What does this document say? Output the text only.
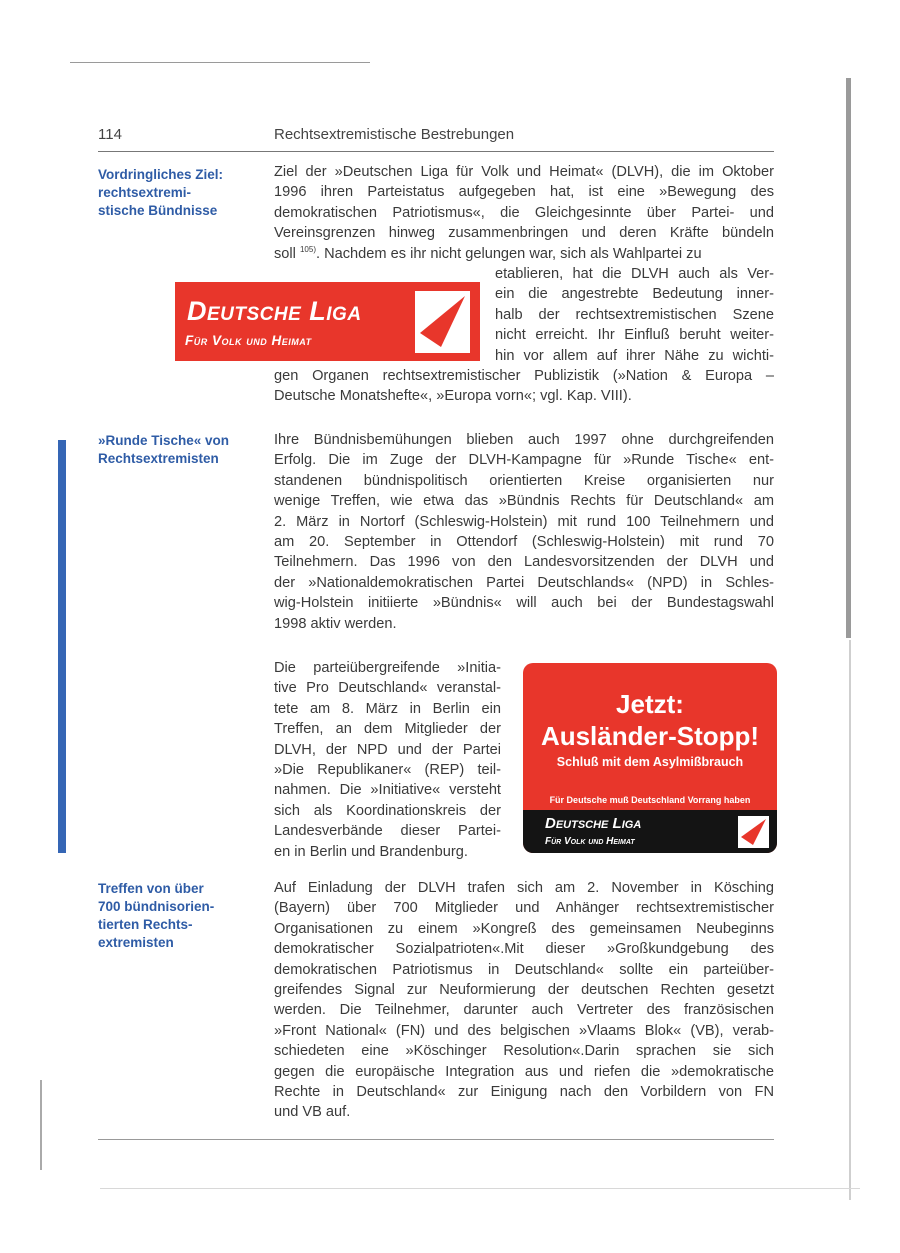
114	Rechtsextremistische Bestrebungen
Vordringliches Ziel:
rechtsextremi-
stische Bündnisse
»Runde Tische« von
Rechtsextremisten
Treffen von über
700 bündnisorien-
tierten Rechts-
extremisten
Ziel der »Deutschen Liga für Volk und Heimat« (DLVH), die im Oktober
1996 ihren Parteistatus aufgegeben hat, ist eine »Bewegung des
demokratischen Patriotismus«, die Gleichgesinnte über Partei- und
Vereinsgrenzen hinweg zusammenbringen und deren Kräfte bündeln
soll $^{105)}$. Nachdem es ihr nicht gelungen war, sich als Wahlpartei zu
etablieren, hat die DLVH auch als Ver-
ein die angestrebte Bedeutung inner-
halb der rechtsextremistischen Szene
nicht erreicht. Ihr Einfluß beruht weiter-
hin vor allem auf ihrer Nähe zu wichti-
gen Organen rechtsextremistischer Publizistik (»Nation & Europa –
Deutsche Monatshefte«, »Europa vorn«; vgl. Kap. VIII).
Deutsche Liga
Für Volk und Heimat
Ihre Bündnisbemühungen blieben auch 1997 ohne durchgreifenden
Erfolg. Die im Zuge der DLVH-Kampagne für »Runde Tische« ent-
standenen bündnispolitisch orientierten Kreise organisierten nur
wenige Treffen, wie etwa das »Bündnis Rechts für Deutschland« am
2. März in Nortorf (Schleswig-Holstein) mit rund 100 Teilnehmern und
am 20. September in Ottendorf (Schleswig-Holstein) mit rund 70
Teilnehmern. Das 1996 von den Landesvorsitzenden der DLVH und
der »Nationaldemokratischen Partei Deutschlands« (NPD) in Schles-
wig-Holstein initiierte »Bündnis« will auch bei der Bundestagswahl
1998 aktiv werden.
Die parteiübergreifende »Initia-
tive Pro Deutschland« veranstal-
tete am 8. März in Berlin ein
Treffen, an dem Mitglieder der
DLVH, der NPD und der Partei
»Die Republikaner« (REP) teil-
nahmen. Die »Initiative« versteht
sich als Koordinationskreis der
Landesverbände dieser Partei-
en in Berlin und Brandenburg.
Jetzt:
Ausländer-Stopp!
Schluß mit dem Asylmißbrauch
Für Deutsche muß Deutschland Vorrang haben
Deutsche Liga
Für Volk und Heimat
Auf Einladung der DLVH trafen sich am 2. November in Kösching
(Bayern) über 700 Mitglieder und Anhänger rechtsextremistischer
Organisationen zu einem »Kongreß des gemeinsamen Neubeginns
demokratischer Sozialpatrioten«.Mit dieser »Großkundgebung des
demokratischen Patriotismus in Deutschland« sollte ein parteiüber-
greifendes Signal zur Neuformierung der deutschen Rechten gesetzt
werden. Die Teilnehmer, darunter auch Vertreter des französischen
»Front National« (FN) und des belgischen »Vlaams Blok« (VB), verab-
schiedeten eine »Köschinger Resolution«.Darin sprachen sie sich
gegen die europäische Integration aus und riefen die »demokratische
Rechte in Deutschland« zur Einigung nach den Vorbildern von FN
und VB auf.
